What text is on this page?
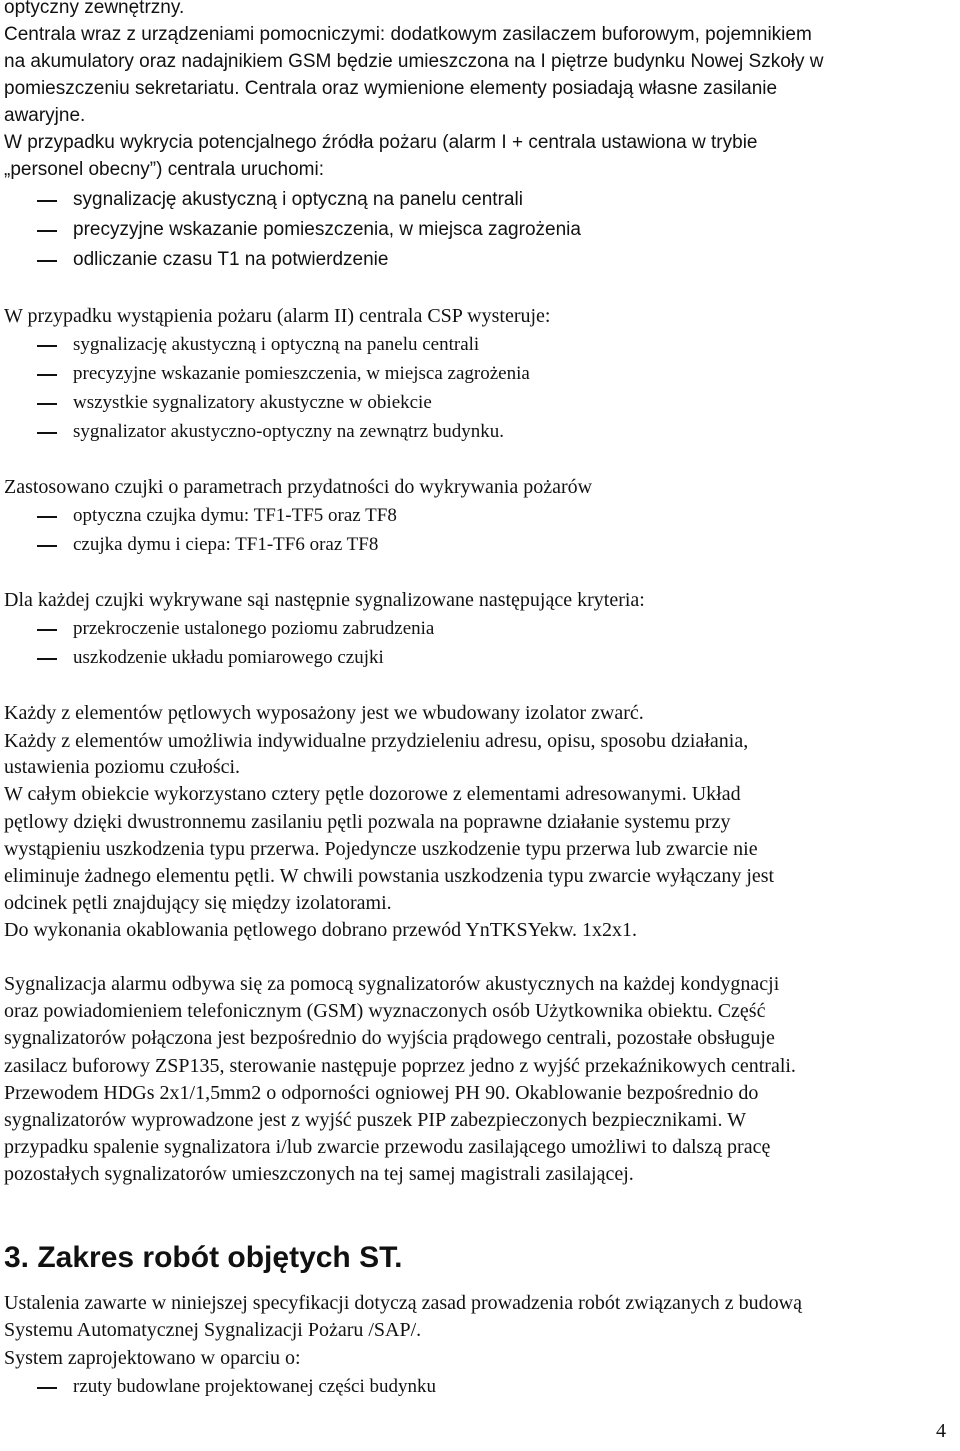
optyczny zewnętrzny.
Centrala wraz z urządzeniami pomocniczymi: dodatkowym zasilaczem buforowym, pojemnikiem
na akumulatory oraz nadajnikiem GSM będzie umieszczona na I piętrze budynku Nowej Szkoły w
pomieszczeniu sekretariatu. Centrala oraz wymienione elementy posiadają własne zasilanie
awaryjne.
W przypadku wykrycia potencjalnego źródła pożaru (alarm I + centrala ustawiona w trybie
„personel obecny”) centrala uruchomi:
sygnalizację akustyczną i optyczną na panelu centrali
precyzyjne wskazanie pomieszczenia, w miejsca zagrożenia
odliczanie czasu T1 na potwierdzenie
W przypadku wystąpienia pożaru (alarm II) centrala CSP wysteruje:
sygnalizację akustyczną i optyczną na panelu centrali
precyzyjne wskazanie pomieszczenia, w miejsca zagrożenia
wszystkie sygnalizatory akustyczne w obiekcie
sygnalizator akustyczno-optyczny na zewnątrz budynku.
Zastosowano czujki o parametrach przydatności do wykrywania pożarów
optyczna czujka dymu: TF1-TF5 oraz TF8
czujka dymu i ciepa: TF1-TF6 oraz TF8
Dla każdej czujki wykrywane sąi następnie sygnalizowane następujące kryteria:
przekroczenie ustalonego poziomu zabrudzenia
uszkodzenie układu pomiarowego czujki
Każdy z elementów pętlowych wyposażony jest we wbudowany izolator zwarć.
Każdy z elementów umożliwia indywidualne przydzieleniu adresu, opisu, sposobu działania,
ustawienia poziomu czułości.
W całym obiekcie wykorzystano cztery pętle dozorowe z elementami adresowanymi. Układ
pętlowy dzięki dwustronnemu zasilaniu pętli pozwala na poprawne działanie systemu przy
wystąpieniu uszkodzenia typu przerwa. Pojedyncze uszkodzenie typu przerwa lub zwarcie nie
eliminuje żadnego elementu pętli. W chwili powstania uszkodzenia typu zwarcie wyłączany jest
odcinek pętli znajdujący się między izolatorami.
Do wykonania okablowania pętlowego dobrano przewód YnTKSYekw. 1x2x1.
Sygnalizacja alarmu odbywa się za pomocą sygnalizatorów akustycznych na każdej kondygnacji
oraz powiadomieniem telefonicznym (GSM) wyznaczonych osób Użytkownika obiektu. Część
sygnalizatorów połączona jest bezpośrednio do wyjścia prądowego centrali, pozostałe obsługuje
zasilacz buforowy ZSP135, sterowanie następuje poprzez jedno z wyjść przekaźnikowych centrali.
Przewodem HDGs 2x1/1,5mm2 o odporności ogniowej PH 90. Okablowanie bezpośrednio do
sygnalizatorów wyprowadzone jest z wyjść puszek PIP zabezpieczonych bezpiecznikami. W
przypadku spalenie sygnalizatora i/lub zwarcie przewodu zasilającego umożliwi to dalszą pracę
pozostałych sygnalizatorów umieszczonych na tej samej magistrali zasilającej.
3. Zakres robót objętych ST.
Ustalenia zawarte w niniejszej specyfikacji dotyczą zasad prowadzenia robót związanych z budową
Systemu Automatycznej Sygnalizacji Pożaru /SAP/.
System zaprojektowano w oparciu o:
rzuty budowlane projektowanej części budynku
4
